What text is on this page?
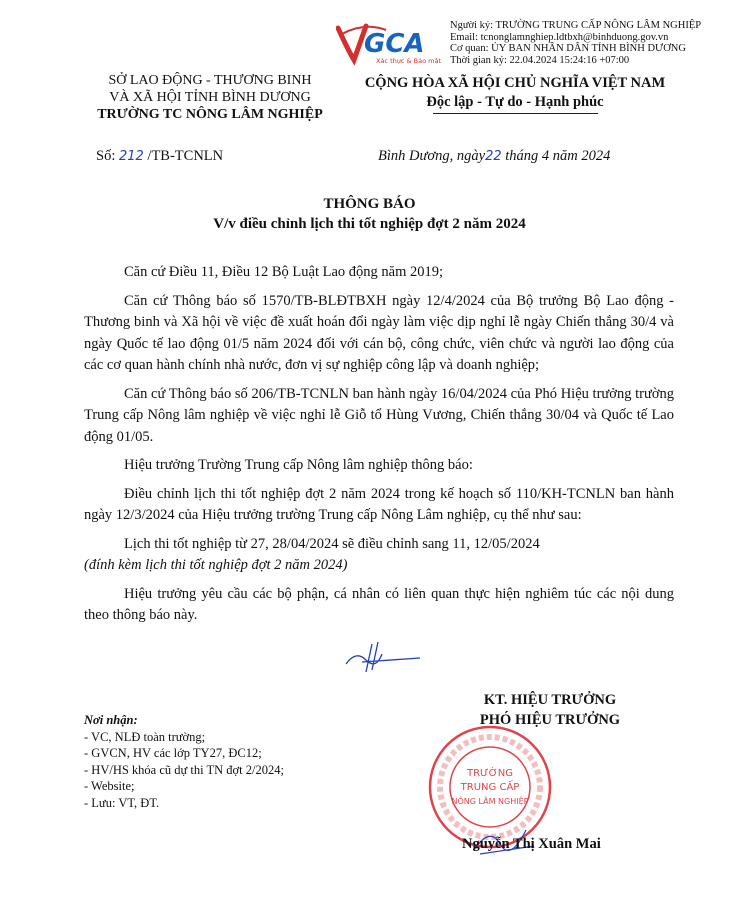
Người ký: TRƯỜNG TRUNG CẤP NÔNG LÂM NGHIỆP
Email: tcnonglamnghiep.ldtbxh@binhduong.gov.vn
Cơ quan: ỦY BAN NHÂN DÂN TỈNH BÌNH DƯƠNG
Thời gian ký: 22.04.2024 15:24:16 +07:00
GCA
Xác thực & Bảo mật
SỞ LAO ĐỘNG - THƯƠNG BINH
VÀ XÃ HỘI TỈNH BÌNH DƯƠNG
TRƯỜNG TC NÔNG LÂM NGHIỆP
CỘNG HÒA XÃ HỘI CHỦ NGHĨA VIỆT NAM
Độc lập - Tự do - Hạnh phúc
Số: 212 /TB-TCNLN	Bình Dương, ngày22 tháng 4 năm 2024
THÔNG BÁO
V/v điều chỉnh lịch thi tốt nghiệp đợt 2 năm 2024

Căn cứ Điều 11, Điều 12 Bộ Luật Lao động năm 2019;

Căn cứ Thông báo số 1570/TB-BLĐTBXH ngày 12/4/2024 của Bộ trưởng Bộ Lao động - Thương binh và Xã hội về việc đề xuất hoán đổi ngày làm việc dịp nghỉ lễ ngày Chiến thắng 30/4 và ngày Quốc tế lao động 01/5 năm 2024 đối với cán bộ, công chức, viên chức và người lao động của các cơ quan hành chính nhà nước, đơn vị sự nghiệp công lập và doanh nghiệp;

Căn cứ Thông báo số 206/TB-TCNLN ban hành ngày 16/04/2024 của Phó Hiệu trưởng trường Trung cấp Nông lâm nghiệp về việc nghỉ lễ Giỗ tổ Hùng Vương, Chiến thắng 30/04 và Quốc tế Lao động 01/05.

Hiệu trưởng Trường Trung cấp Nông lâm nghiệp thông báo:

Điều chỉnh lịch thi tốt nghiệp đợt 2 năm 2024 trong kế hoạch số 110/KH-TCNLN ban hành ngày 12/3/2024 của Hiệu trưởng trường Trung cấp Nông Lâm nghiệp, cụ thể như sau:

Lịch thi tốt nghiệp từ 27, 28/04/2024 sẽ điều chỉnh sang 11, 12/05/2024

(đính kèm lịch thi tốt nghiệp đợt 2 năm 2024)

Hiệu trưởng yêu cầu các bộ phận, cá nhân có liên quan thực hiện nghiêm túc các nội dung theo thông báo này.

KT. HIỆU TRƯỞNG
PHÓ HIỆU TRƯỞNG
TRƯỜNG
TRUNG CẤP
NÔNG LÂM NGHIỆP
Nguyễn Thị Xuân Mai
Nơi nhận:
- VC, NLĐ toàn trường;
- GVCN, HV các lớp TY27, ĐC12;
- HV/HS khóa cũ dự thi TN đợt 2/2024;
- Website;
- Lưu: VT, ĐT.
